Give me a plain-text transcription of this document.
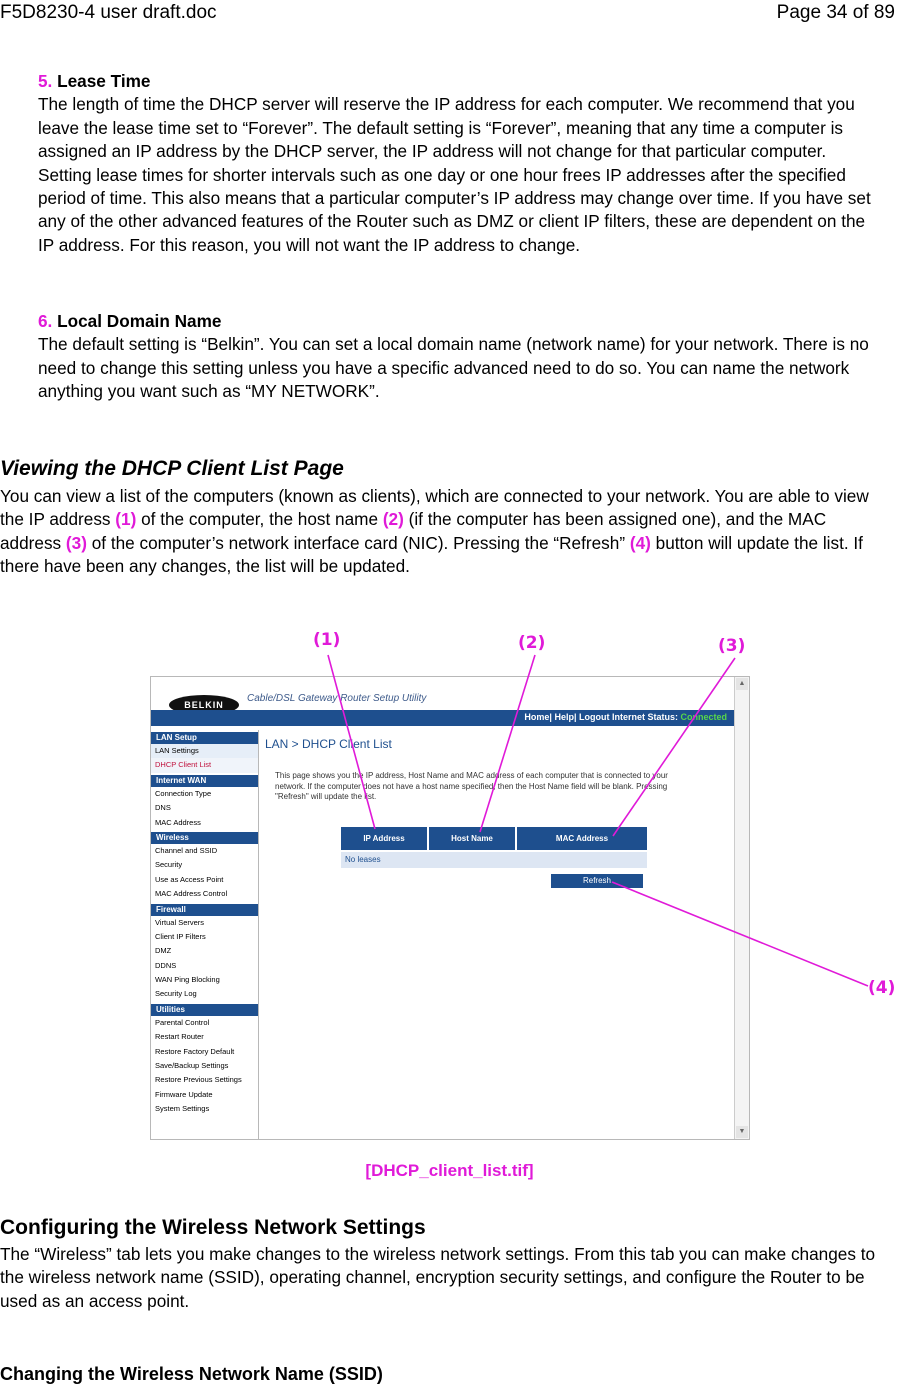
F5D8230-4 user draft.doc	Page 34 of 89

5. Lease Time
The length of time the DHCP server will reserve the IP address for each computer. We recommend that you leave the lease time set to “Forever”. The default setting is “Forever”, meaning that any time a computer is assigned an IP address by the DHCP server, the IP address will not change for that particular computer. Setting lease times for shorter intervals such as one day or one hour frees IP addresses after the specified period of time. This also means that a particular computer’s IP address may change over time. If you have set any of the other advanced features of the Router such as DMZ or client IP filters, these are dependent on the IP address. For this reason, you will not want the IP address to change.

6. Local Domain Name
The default setting is “Belkin”. You can set a local domain name (network name) for your network. There is no need to change this setting unless you have a specific advanced need to do so. You can name the network anything you want such as “MY NETWORK”.

Viewing the DHCP Client List Page

You can view a list of the computers (known as clients), which are connected to your network. You are able to view the IP address (1) of the computer, the host name (2) (if the computer has been assigned one), and the MAC address (3) of the computer’s network interface card (NIC). Pressing the “Refresh” (4) button will update the list. If there have been any changes, the list will be updated.

BELKIN
Cable/DSL Gateway Router Setup Utility
Home| Help| Logout Internet Status: Connected
LAN Setup
LAN Settings
DHCP Client List
Internet WAN
Connection Type
DNS
MAC Address
Wireless
Channel and SSID
Security
Use as Access Point
MAC Address Control
Firewall
Virtual Servers
Client IP Filters
DMZ
DDNS
WAN Ping Blocking
Security Log
Utilities
Parental Control
Restart Router
Restore Factory Default
Save/Backup Settings
Restore Previous Settings
Firmware Update
System Settings
LAN > DHCP Client List
This page shows you the IP address, Host Name and MAC address of each computer that is connected to your network. If the computer does not have a host name specified, then the Host Name field will be blank. Pressing "Refresh" will update the list.
IP Address	Host Name	MAC Address
No leases
Refresh
▲
▼
(1)	(2)	(3)
(4)
[DHCP_client_list.tif]
Configuring the Wireless Network Settings

The “Wireless” tab lets you make changes to the wireless network settings. From this tab you can make changes to the wireless network name (SSID), operating channel, encryption security settings, and configure the Router to be used as an access point.

Changing the Wireless Network Name (SSID)
